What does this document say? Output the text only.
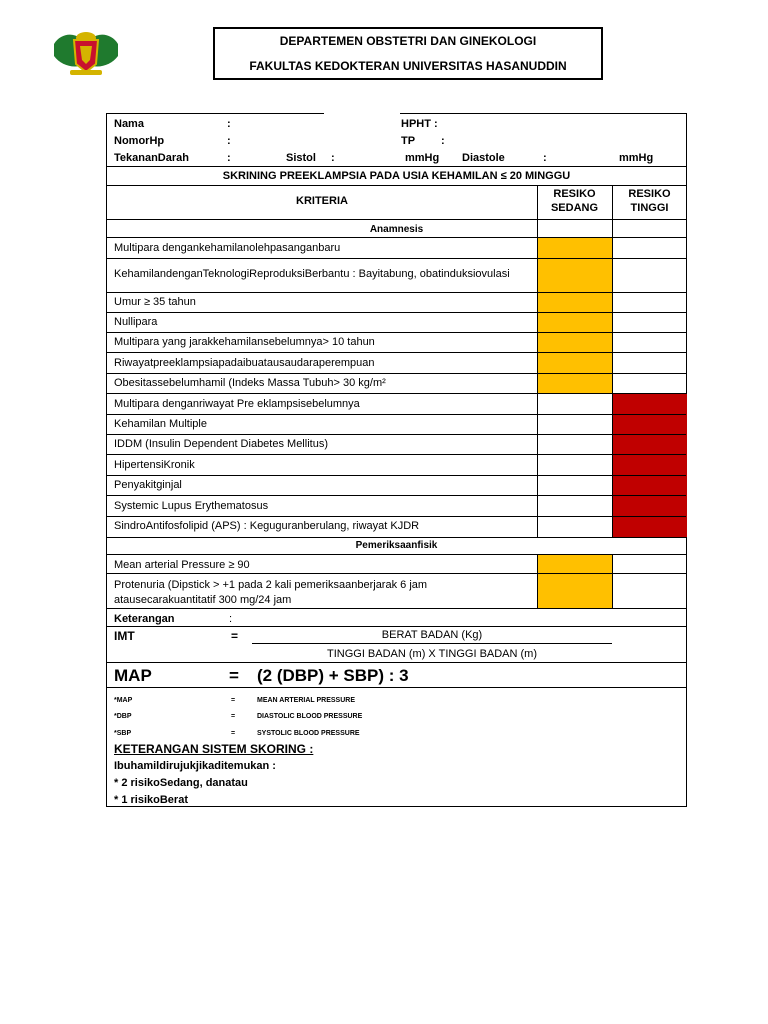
DEPARTEMEN OBSTETRI DAN GINEKOLOGI
FAKULTAS KEDOKTERAN UNIVERSITAS HASANUDDIN
Nama	:	HPHT :
NomorHp	:	TP :
TekananDarah	:	Sistol :	mmHg Diastole	:	mmHg
SKRINING PREEKLAMPSIA PADA USIA KEHAMILAN ≤ 20 MINGGU
KRITERIA
RESIKO
SEDANG
RESIKO
TINGGI
Anamnesis
Multipara dengankehamilanolehpasanganbaru
KehamilandenganTeknologiReproduksiBerbantu : Bayitabung, obatinduksiovulasi
Umur ≥ 35 tahun
Nullipara
Multipara yang jarakkehamilansebelumnya> 10 tahun
Riwayatpreeklampsiapadaibuatausaudaraperempuan
Obesitassebelumhamil (Indeks Massa Tubuh> 30 kg/m²
Multipara denganriwayat Pre eklampsisebelumnya
Kehamilan Multiple
IDDM (Insulin Dependent Diabetes Mellitus)
HipertensiKronik
Penyakitginjal
Systemic Lupus Erythematosus
SindroAntifosfolipid (APS) : Keguguranberulang, riwayat KJDR
Pemeriksaanfisik
Mean arterial Pressure ≥ 90
Protenuria (Dipstick > +1 pada 2 kali pemeriksaanberjarak 6 jam
atausecarakuantitatif 300 mg/24 jam
Keterangan	:
IMT	=	BERAT BADAN (Kg)
TINGGI BADAN (m) X TINGGI BADAN (m)
MAP	= (2 (DBP) + SBP) : 3
*MAP	=	MEAN ARTERIAL PRESSURE
*DBP	=	DIASTOLIC BLOOD PRESSURE
*SBP	=	SYSTOLIC BLOOD PRESSURE
KETERANGAN SISTEM SKORING :
Ibuhamildirujukjikaditemukan :
* 2 risikoSedang, danatau
* 1 risikoBerat
